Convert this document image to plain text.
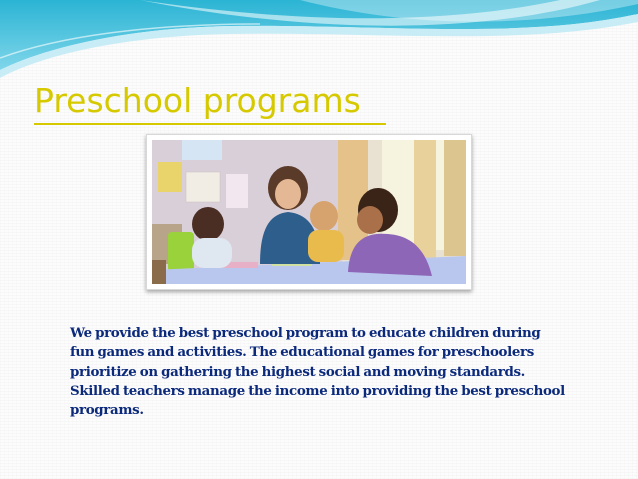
Preschool programs

We provide the best preschool program to educate children during
fun games and activities. The educational games for preschoolers
prioritize on gathering the highest social and moving standards.
Skilled teachers manage the income into providing the best preschool
programs.
